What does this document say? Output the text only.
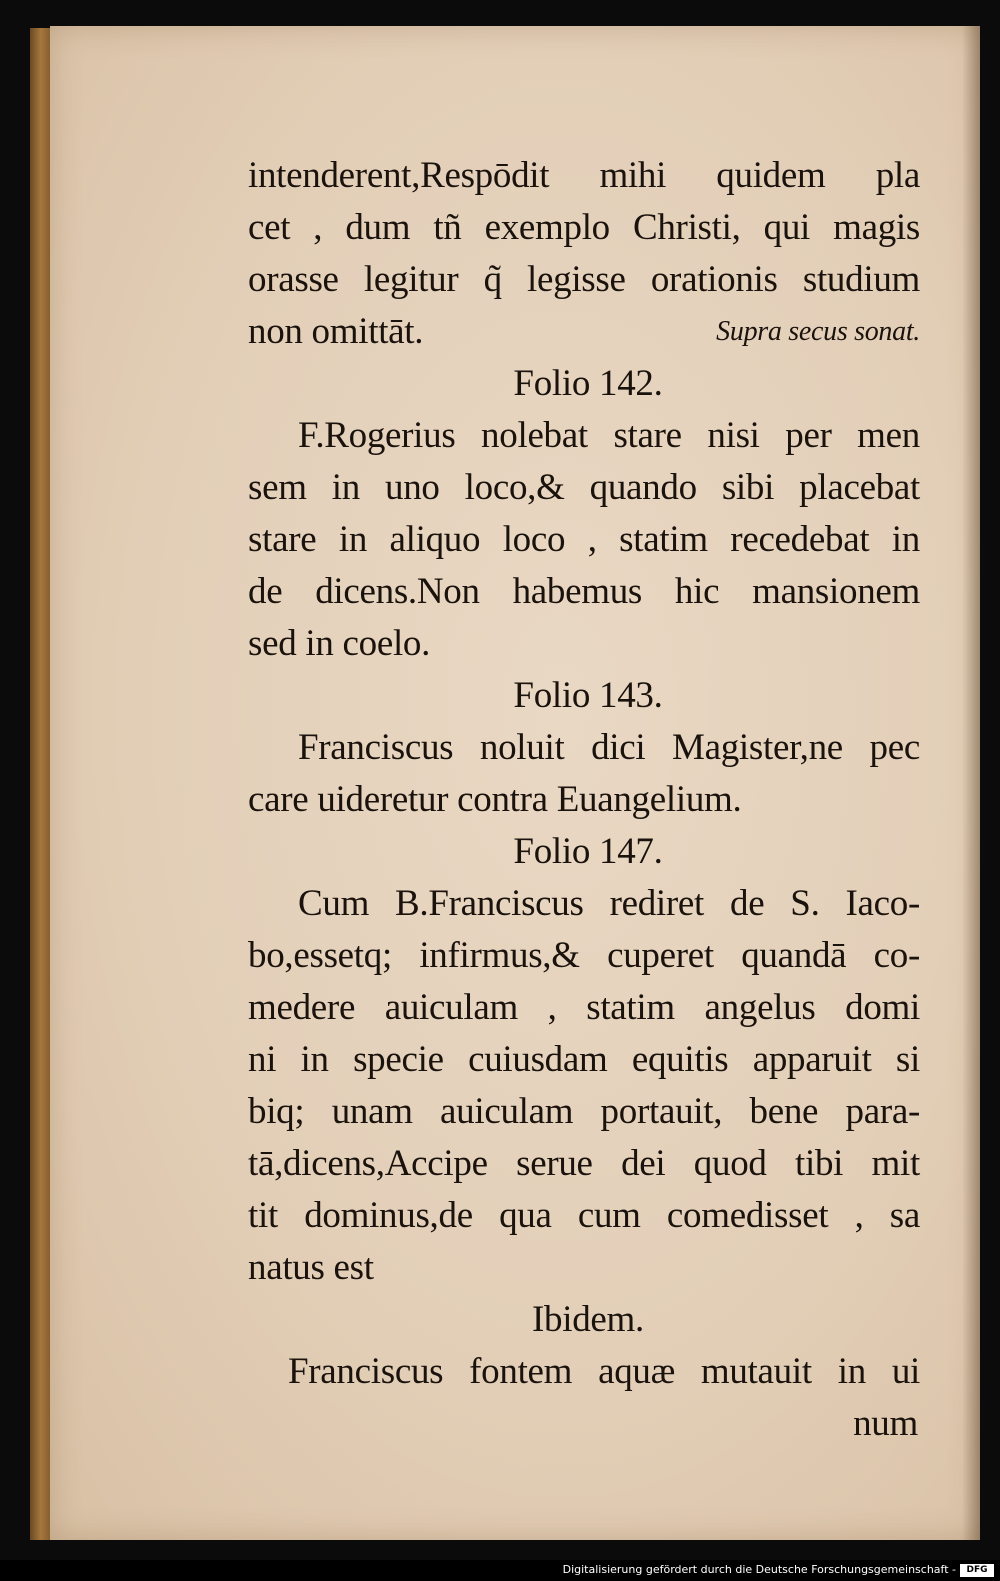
intenderent,Respōdit mihi quidem pla
cet , dum tñ exemplo Christi, qui magis
orasse legitur q̃ legisse orationis studium
non omittāt.	Supra secus sonat.
Folio 142.
F.Rogerius nolebat stare nisi per men
sem in uno loco,& quando sibi placebat
stare in aliquo loco , statim recedebat in
de dicens.Non habemus hic mansionem
sed in coelo.
Folio 143.
Franciscus noluit dici Magister,ne pec
care uideretur contra Euangelium.
Folio 147.
Cum B.Franciscus rediret de S. Iaco-
bo,essetq; infirmus,& cuperet quandā co-
medere auiculam , statim angelus domi
ni in specie cuiusdam equitis apparuit si
biq; unam auiculam portauit, bene para-
tā,dicens,Accipe serue dei quod tibi mit
tit dominus,de qua cum comedisset , sa
natus est
Ibidem.
Franciscus fontem aquæ mutauit in ui
num
Digitalisierung gefördert durch die Deutsche Forschungsgemeinschaft -	DFG
